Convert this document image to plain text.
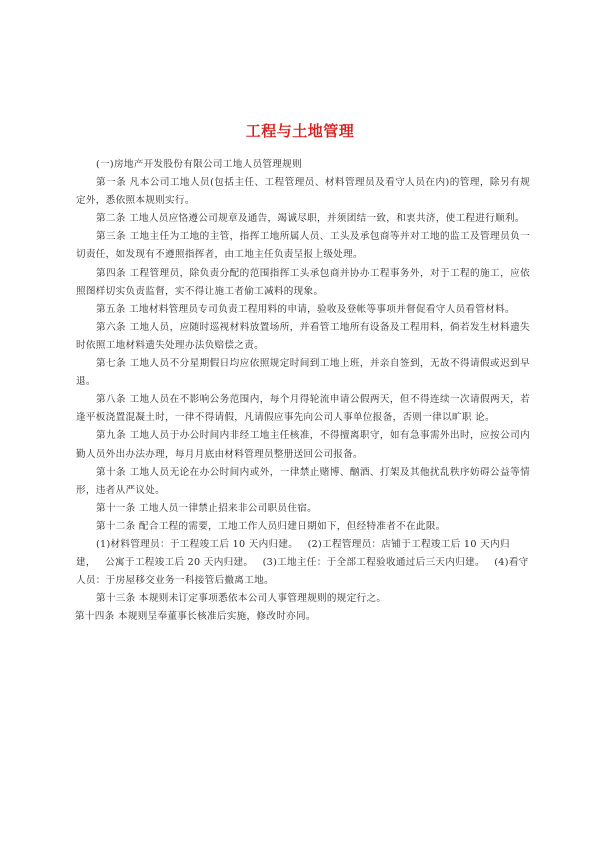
工程与土地管理

(一)房地产开发股份有限公司工地人员管理规则

第一条 凡本公司工地人员(包括主任、工程管理员、材料管理员及看守人员在内)的管理，除另有规定外，悉依照本规则实行。

第二条 工地人员应恪遵公司规章及通告，竭诚尽职，并须团结一致，和衷共济，使工程进行顺利。

第三条 工地主任为工地的主管，指挥工地所属人员、工头及承包商等并对工地的监工及管理员负一切责任，如发现有不遵照指挥者，由工地主任负责呈报上级处理。

第四条 工程管理员，除负责分配的范围指挥工头承包商并协办工程事务外，对于工程的施工，应依照图样切实负责监督，实不得让施工者偷工减料的现象。

第五条 工地材料管理员专司负责工程用料的申请，验收及登帐等事项并督促看守人员看管材料。

第六条 工地人员，应随时巡视材料放置场所，并看管工地所有设备及工程用料，倘若发生材料遗失时依照工地材料遗失处理办法负赔偿之责。

第七条 工地人员不分星期假日均应依照规定时间到工地上班，并亲自签到，无故不得请假或迟到早退。

第八条 工地人员在不影响公务范围内，每个月得轮流申请公假两天，但不得连续一次请假两天，若逢平板浇置混凝土时，一律不得请假，凡请假应事先向公司人事单位报备，否则一律以旷职 论。

第九条 工地人员于办公时间内非经工地主任核准，不得擅离职守，如有急事需外出时，应按公司内勤人员外出办法办理，每月月底由材料管理员整册送回公司报备。

第十条 工地人员无论在办公时间内或外，一律禁止赌博、酗酒、打架及其他扰乱秩序妨碍公益等情形，违者从严议处。

第十一条 工地人员一律禁止招来非公司职员住宿。

第十二条 配合工程的需要，工地工作人员归建日期如下，但经特准者不在此限。

(1)材料管理员：于工程竣工后 10 天内归建。 (2)工程管理员：店铺于工程竣工后 10 天内归建， 公寓于工程竣工后 20 天内归建。 (3)工地主任：于全部工程验收通过后三天内归建。 (4)看守人员：于房屋移交业务一科接管后撤离工地。

第十三条 本规则未订定事项悉依本公司人事管理规则的规定行之。

第十四条 本规则呈奉董事长核准后实施，修改时亦同。
